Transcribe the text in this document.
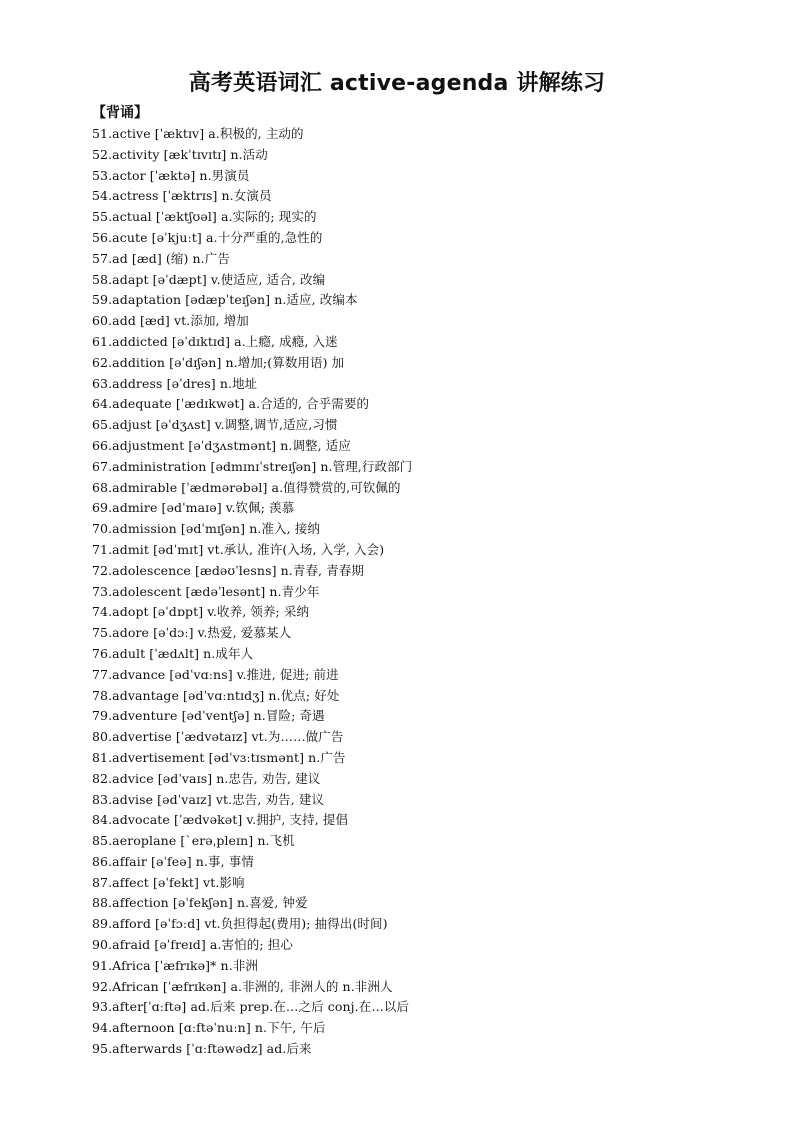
高考英语词汇 active-agenda 讲解练习
【背诵】
51.active [ˈæktɪv] a.积极的, 主动的
52.activity [ækˈtɪvɪtɪ] n.活动
53.actor [ˈæktə] n.男演员
54.actress [ˈæktrɪs] n.女演员
55.actual [ˈæktʃʊəl] a.实际的; 现实的
56.acute [əˈkjuːt] a.十分严重的,急性的
57.ad [æd] (缩) n.广告
58.adapt [əˈdæpt] v.使适应, 适合, 改编
59.adaptation [ədæpˈteɪʃən] n.适应, 改编本
60.add [æd] vt.添加, 增加
61.addicted [əˈdɪktɪd] a.上瘾, 成瘾, 入迷
62.addition [əˈdɪʃən] n.增加;(算数用语) 加
63.address [əˈdres] n.地址
64.adequate [ˈædɪkwət] a.合适的, 合乎需要的
65.adjust [əˈdʒʌst] v.调整,调节,适应,习惯
66.adjustment [əˈdʒʌstmənt] n.调整, 适应
67.administration [ədmɪnɪˈstreɪʃən] n.管理,行政部门
68.admirable [ˈædmərəbəl] a.值得赞赏的,可钦佩的
69.admire [ədˈmaɪə] v.钦佩; 羡慕
70.admission [ədˈmɪʃən] n.准入, 接纳
71.admit [ədˈmɪt] vt.承认, 准许(入场, 入学, 入会)
72.adolescence [ædəʊˈlesns] n.青春, 青春期
73.adolescent [ædəˈlesənt] n.青少年
74.adopt [əˈdɒpt] v.收养, 领养; 采纳
75.adore [əˈdɔː] v.热爱, 爱慕某人
76.adult [ˈædʌlt] n.成年人
77.advance [ədˈvɑːns] v.推进, 促进; 前进
78.advantage [ədˈvɑːntɪdʒ] n.优点; 好处
79.adventure [ədˈventʃə] n.冒险; 奇遇
80.advertise [ˈædvətaɪz] vt.为……做广告
81.advertisement [ədˈvɜːtɪsmənt] n.广告
82.advice [ədˈvaɪs] n.忠告, 劝告, 建议
83.advise [ədˈvaɪz] vt.忠告, 劝告, 建议
84.advocate [ˈædvəkət] v.拥护, 支持, 提倡
85.aeroplane [`erəˌpleɪn] n.飞机
86.affair [əˈfeə] n.事, 事情
87.affect [əˈfekt] vt.影响
88.affection [əˈfekʃən] n.喜爱, 钟爱
89.afford [əˈfɔːd] vt.负担得起(费用); 抽得出(时间)
90.afraid [əˈfreɪd] a.害怕的; 担心
91.Africa [ˈæfrɪkə]* n.非洲
92.African [ˈæfrɪkən] a.非洲的, 非洲人的 n.非洲人
93.after[ˈɑːftə] ad.后来 prep.在…之后 conj.在…以后
94.afternoon [ɑːftəˈnuːn] n.下午, 午后
95.afterwards [ˈɑːftəwədz] ad.后来
